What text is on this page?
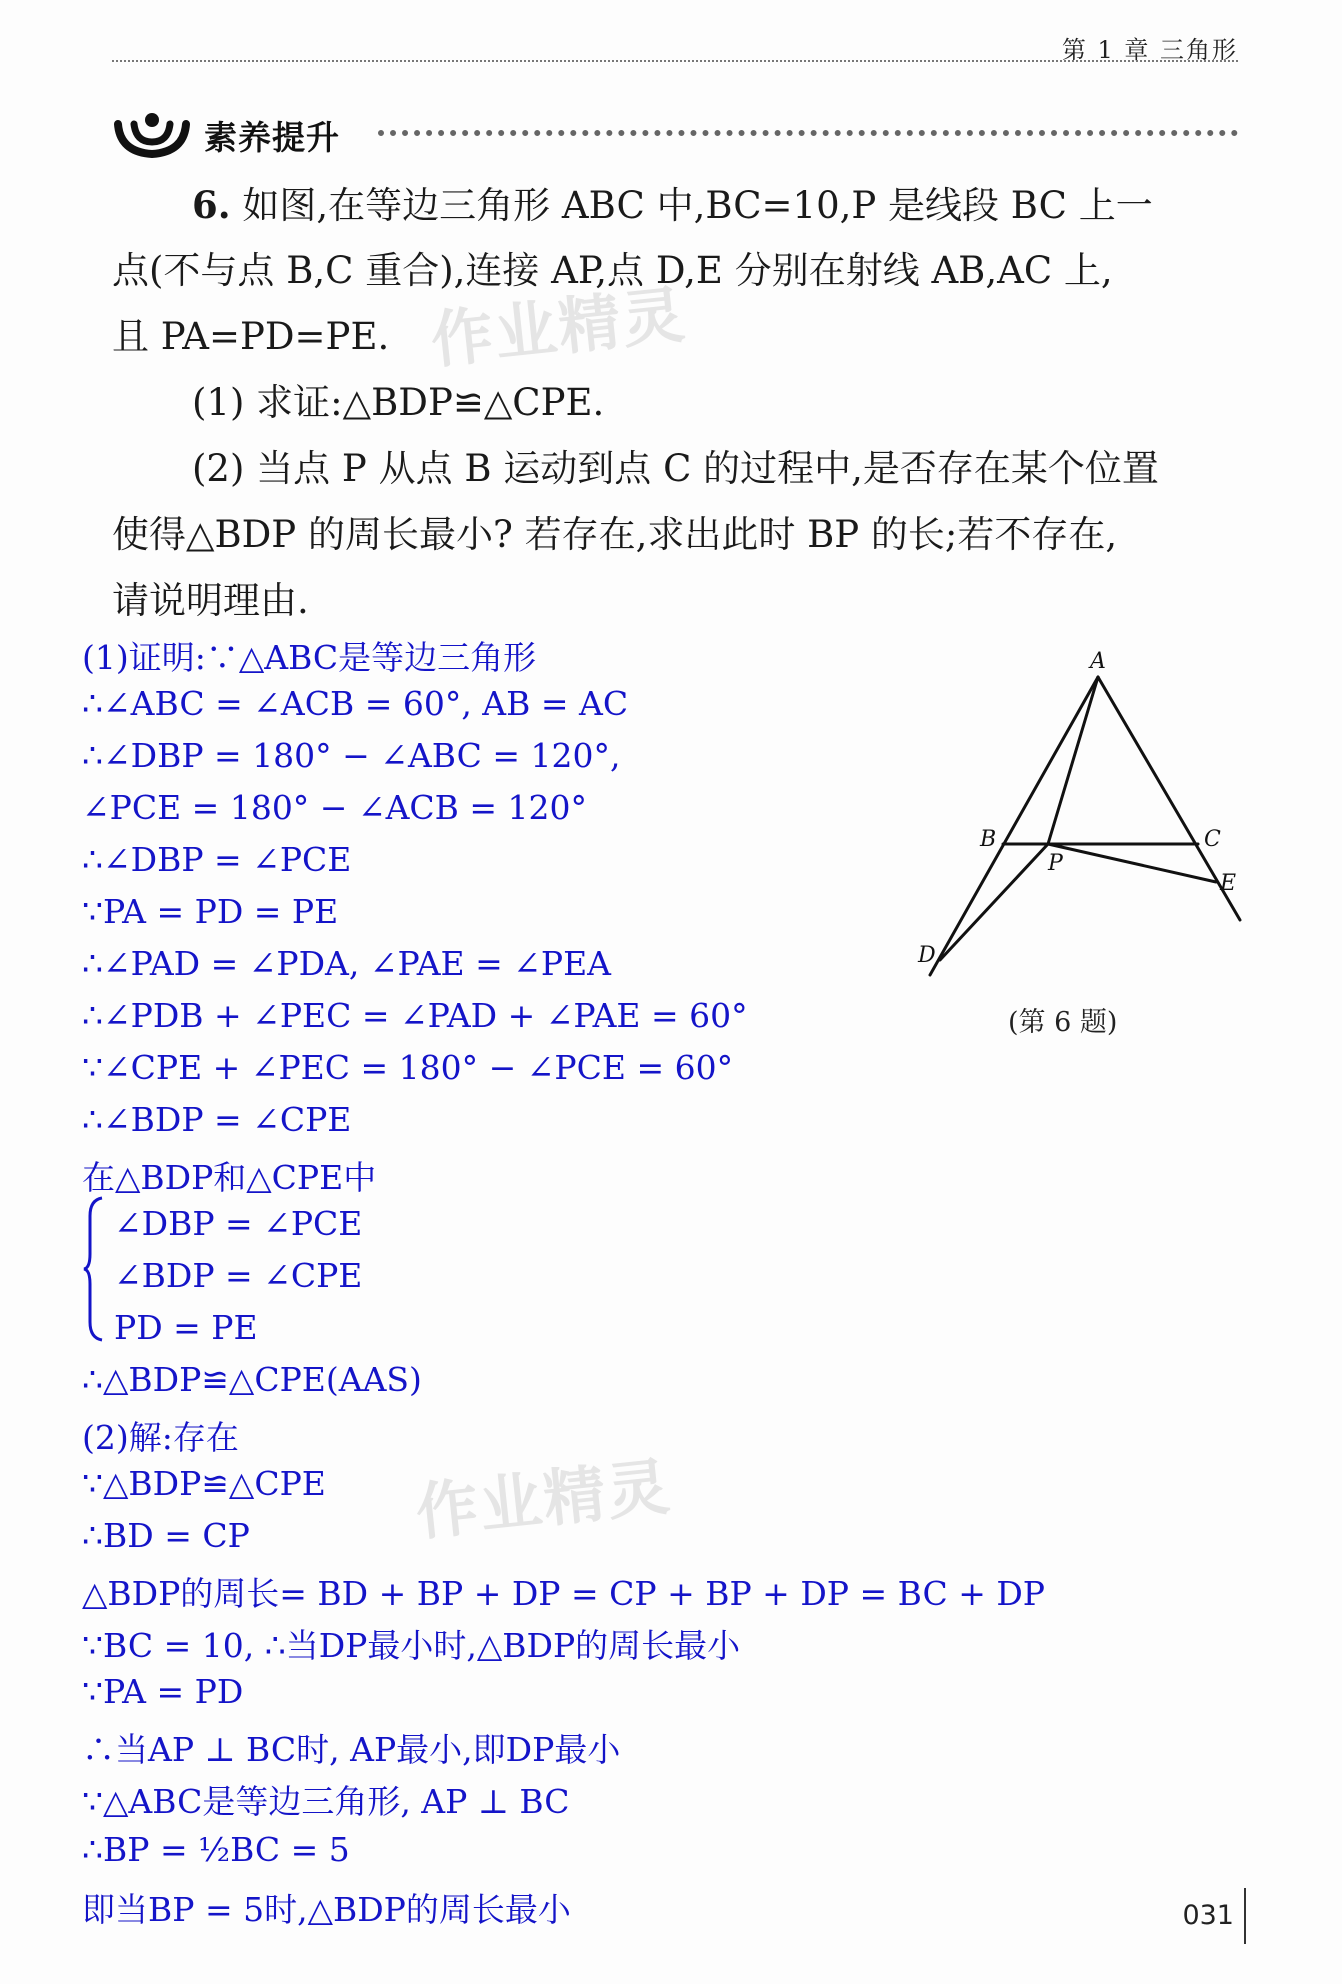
第 1 章 三角形
素养提升
6. 如图,在等边三角形 ABC 中,BC=10,P 是线段 BC 上一
点(不与点 B,C 重合),连接 AP,点 D,E 分别在射线 AB,AC 上,
且 PA=PD=PE.
(1) 求证:△BDP≌△CPE.
(2) 当点 P 从点 B 运动到点 C 的过程中,是否存在某个位置
使得△BDP 的周长最小? 若存在,求出此时 BP 的长;若不存在,
请说明理由.
作业精灵
作业精灵
A
B	C
P
D
E
(第 6 题)
(1)证明:∵△ABC是等边三角形
∴∠ABC = ∠ACB = 60°, AB = AC
∴∠DBP = 180° − ∠ABC = 120°,
∠PCE = 180° − ∠ACB = 120°
∴∠DBP = ∠PCE
∵PA = PD = PE
∴∠PAD = ∠PDA, ∠PAE = ∠PEA
∴∠PDB + ∠PEC = ∠PAD + ∠PAE = 60°
∵∠CPE + ∠PEC = 180° − ∠PCE = 60°
∴∠BDP = ∠CPE
在△BDP和△CPE中
∠DBP = ∠PCE
∠BDP = ∠CPE
PD = PE
∴△BDP≌△CPE(AAS)
(2)解:存在
∵△BDP≌△CPE
∴BD = CP
△BDP的周长= BD + BP + DP = CP + BP + DP = BC + DP
∵BC = 10, ∴当DP最小时,△BDP的周长最小
∵PA = PD
∴当AP ⊥ BC时, AP最小,即DP最小
∵△ABC是等边三角形, AP ⊥ BC
∴BP = ½BC = 5
即当BP = 5时,△BDP的周长最小	031
